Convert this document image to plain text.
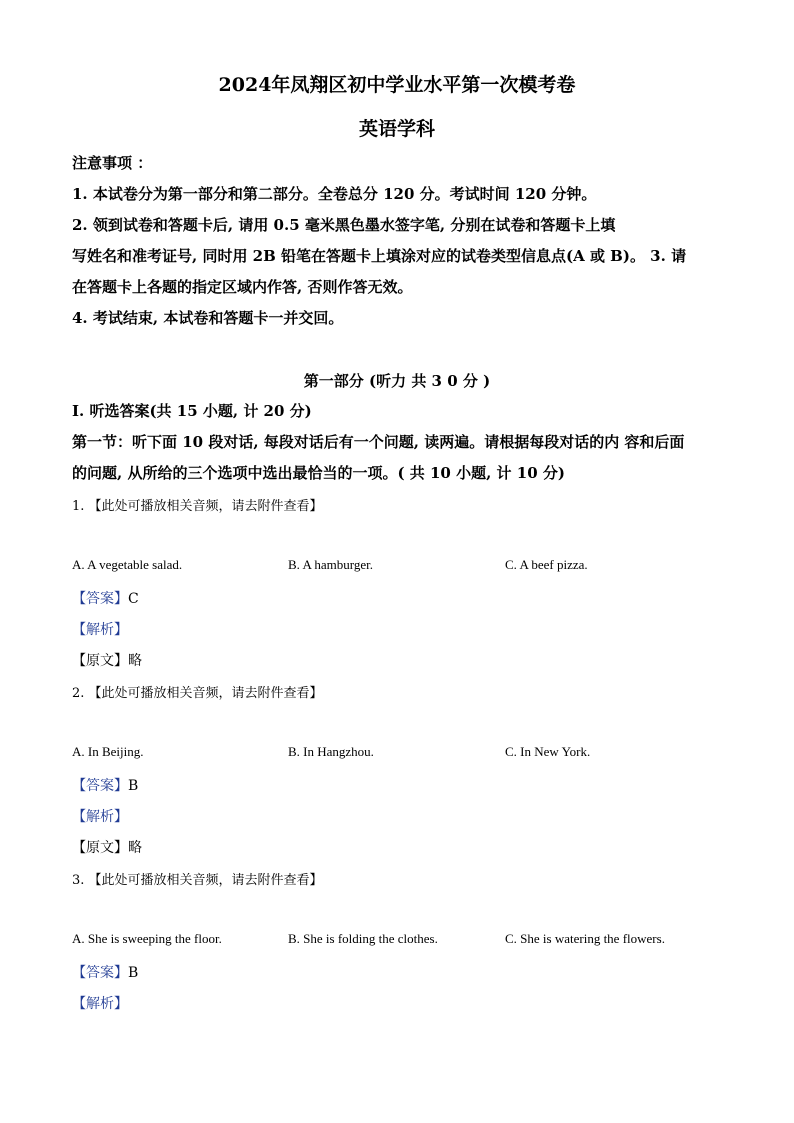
2024年凤翔区初中学业水平第一次模考卷
英语学科
注意事项 ：
1. 本试卷分为第一部分和第二部分。全卷总分 120 分。考试时间 120 分钟。
2. 领到试卷和答题卡后, 请用 0.5 毫米黑色墨水签字笔, 分别在试卷和答题卡上填
写姓名和准考证号, 同时用 2B 铅笔在答题卡上填涂对应的试卷类型信息点(A 或 B)。 3. 请
在答题卡上各题的指定区域内作答, 否则作答无效。
4. 考试结束, 本试卷和答题卡一并交回。
第一部分 (听力 共 3 0 分 )
I. 听选答案(共 15 小题, 计 20 分)
第一节：听下面 10 段对话, 每段对话后有一个问题, 读两遍。请根据每段对话的内 容和后面
的问题, 从所给的三个选项中选出最恰当的一项。( 共 10 小题, 计 10 分)
1. 【此处可播放相关音频，请去附件查看】
A. A vegetable salad.	B. A hamburger.	C. A beef pizza.
【答案】C
【解析】
【原文】略
2. 【此处可播放相关音频，请去附件查看】
A. In Beijing.	B. In Hangzhou.	C. In New York.
【答案】B
【解析】
【原文】略
3. 【此处可播放相关音频，请去附件查看】
A. She is sweeping the floor.	B. She is folding the clothes.	C. She is watering the flowers.
【答案】B
【解析】
